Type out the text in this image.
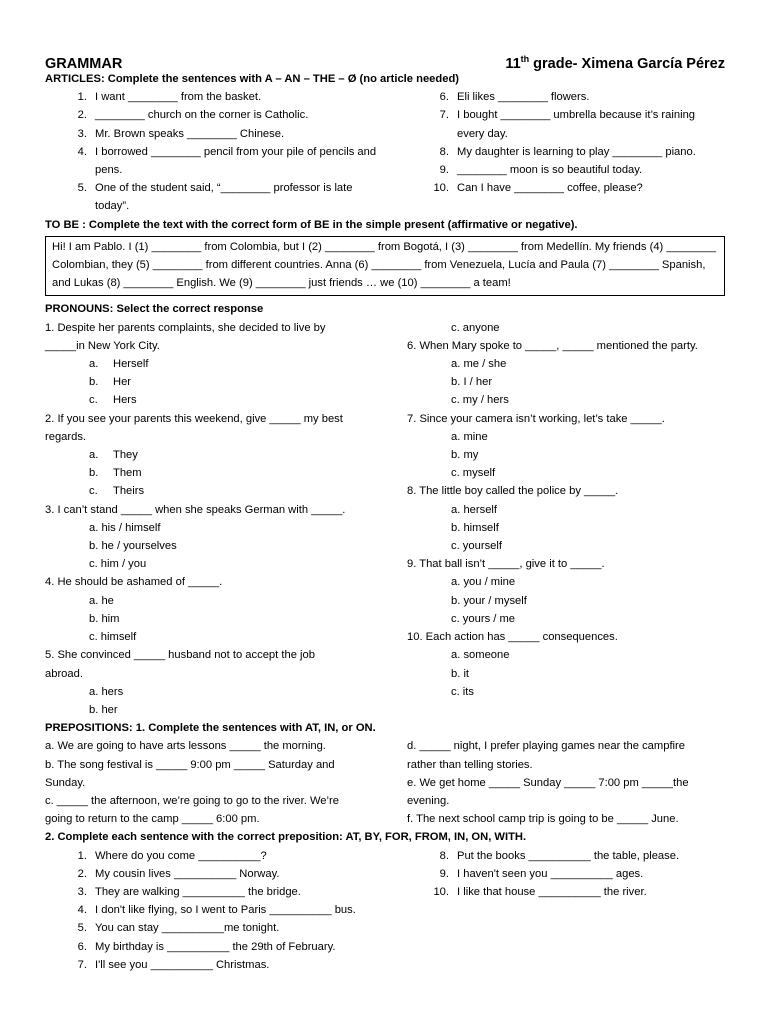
GRAMMAR	11th grade- Ximena García Pérez
ARTICLES: Complete the sentences with A – AN – THE – Ø (no article needed)
1. I want ________ from the basket.
2. ________ church on the corner is Catholic.
3. Mr. Brown speaks ________ Chinese.
4. I borrowed ________ pencil from your pile of pencils and pens.
5. One of the student said, “________ professor is late today”.
6. Eli likes ________ flowers.
7. I bought ________ umbrella because it’s raining every day.
8. My daughter is learning to play ________ piano.
9. ________ moon is so beautiful today.
10. Can I have ________ coffee, please?
TO BE : Complete the text with the correct form of BE in the simple present (affirmative or negative).
Hi! I am Pablo. I (1) ________ from Colombia, but I (2) ________ from Bogotá, I (3) ________ from Medellín. My friends (4) ________
Colombian, they (5) ________ from different countries. Anna (6) ________ from Venezuela, Lucía and Paula (7) ________ Spanish,
and Lukas (8) ________ English. We (9) ________ just friends … we (10) ________ a team!
PRONOUNS: Select the correct response
1. Despite her parents complaints, she decided to live by
_____in New York City.
a. Herself
b. Her
c. Hers
2. If you see your parents this weekend, give _____ my best
regards.
a. They
b. Them
c. Theirs
3. I can’t stand _____ when she speaks German with _____.
a. his / himself
b. he / yourselves
c. him / you
4. He should be ashamed of _____.
a. he
b. him
c. himself
5. She convinced _____ husband not to accept the job
abroad.
a. hers
b. her
c. anyone
6. When Mary spoke to _____, _____ mentioned the party.
a. me / she
b. I / her
c. my / hers
7. Since your camera isn’t working, let’s take _____.
a. mine
b. my
c. myself
8. The little boy called the police by _____.
a. herself
b. himself
c. yourself
9. That ball isn’t _____, give it to _____.
a. you / mine
b. your / myself
c. yours / me
10. Each action has _____ consequences.
a. someone
b. it
c. its
PREPOSITIONS: 1. Complete the sentences with AT, IN, or ON.
a. We are going to have arts lessons _____ the morning.
b. The song festival is _____ 9:00 pm _____ Saturday and
Sunday.
c. _____ the afternoon, we’re going to go to the river. We’re
going to return to the camp _____ 6:00 pm.
d. _____ night, I prefer playing games near the campfire
rather than telling stories.
e. We get home _____ Sunday _____ 7:00 pm _____the
evening.
f. The next school camp trip is going to be _____ June.
2. Complete each sentence with the correct preposition: AT, BY, FOR, FROM, IN, ON, WITH.
1. Where do you come __________?
2. My cousin lives __________ Norway.
3. They are walking __________ the bridge.
4. I don't like flying, so I went to Paris __________ bus.
5. You can stay __________me tonight.
6. My birthday is __________ the 29th of February.
7. I'll see you __________ Christmas.
8. Put the books __________ the table, please.
9. I haven't seen you __________ ages.
10. I like that house __________ the river.
